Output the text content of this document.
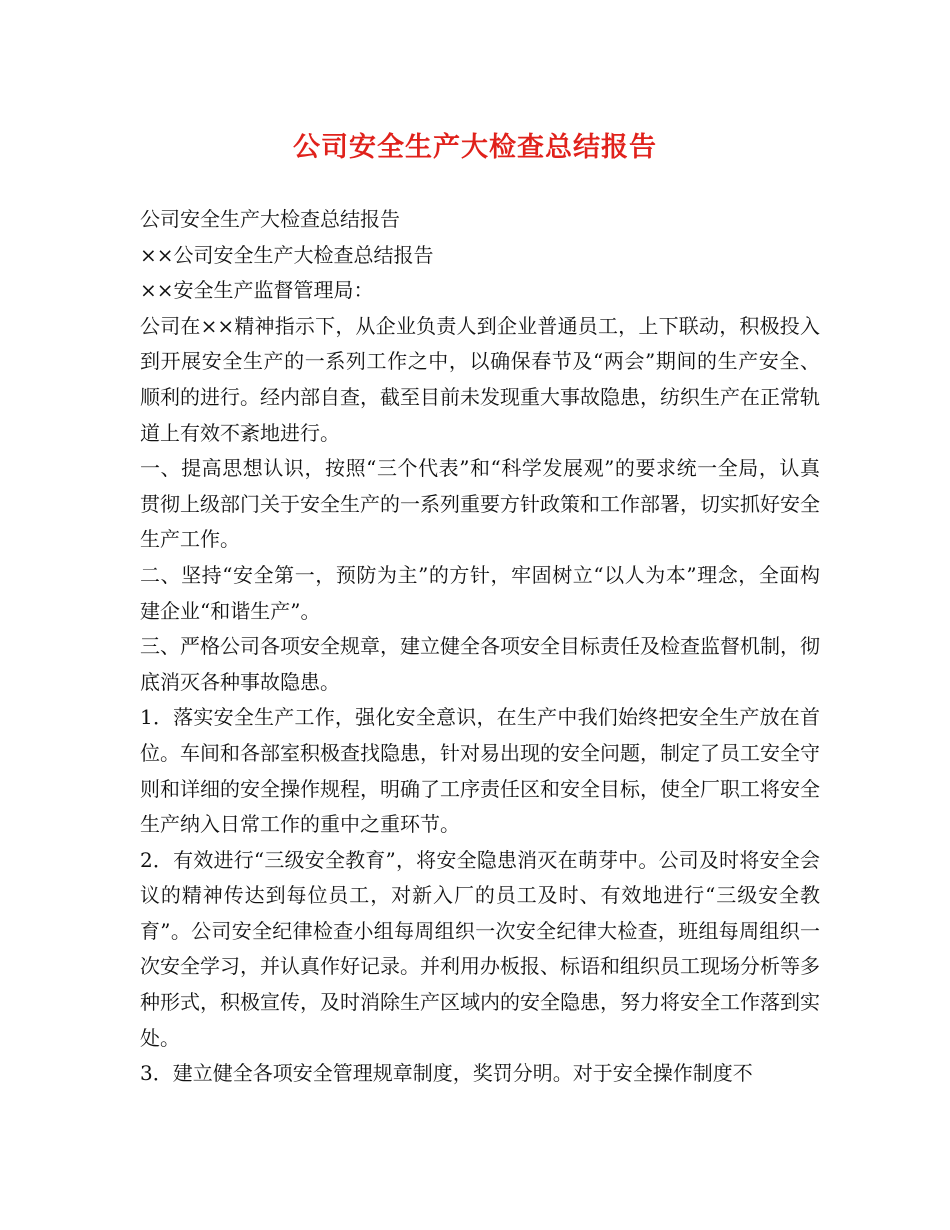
公司安全生产大检查总结报告

公司安全生产大检查总结报告

××公司安全生产大检查总结报告

××安全生产监督管理局：

公司在××精神指示下，从企业负责人到企业普通员工，上下联动，积极投入到开展安全生产的一系列工作之中，以确保春节及“两会”期间的生产安全、顺利的进行。经内部自查，截至目前未发现重大事故隐患，纺织生产在正常轨道上有效不紊地进行。

一、提高思想认识，按照“三个代表”和“科学发展观”的要求统一全局，认真贯彻上级部门关于安全生产的一系列重要方针政策和工作部署，切实抓好安全生产工作。

二、坚持“安全第一，预防为主”的方针，牢固树立“以人为本”理念，全面构建企业“和谐生产”。

三、严格公司各项安全规章，建立健全各项安全目标责任及检查监督机制，彻底消灭各种事故隐患。

1．落实安全生产工作，强化安全意识，在生产中我们始终把安全生产放在首位。车间和各部室积极查找隐患，针对易出现的安全问题，制定了员工安全守则和详细的安全操作规程，明确了工序责任区和安全目标，使全厂职工将安全生产纳入日常工作的重中之重环节。

2．有效进行“三级安全教育”，将安全隐患消灭在萌芽中。公司及时将安全会议的精神传达到每位员工，对新入厂的员工及时、有效地进行“三级安全教育”。公司安全纪律检查小组每周组织一次安全纪律大检查，班组每周组织一次安全学习，并认真作好记录。并利用办板报、标语和组织员工现场分析等多种形式，积极宣传，及时消除生产区域内的安全隐患，努力将安全工作落到实处。

3．建立健全各项安全管理规章制度，奖罚分明。对于安全操作制度不
